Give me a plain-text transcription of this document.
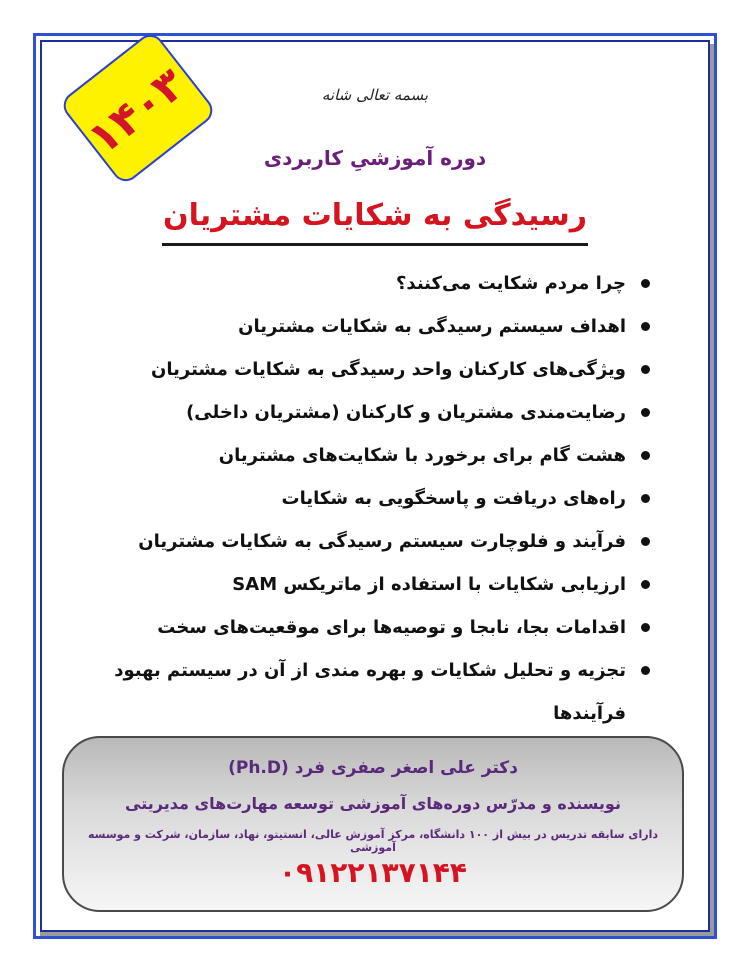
۱۴۰۳	بسمه تعالی شانه
دوره آموزشیِ کاربردی
رسیدگی به شکایات مشتریان
چرا مردم شکایت می‌کنند؟
اهداف سیستم رسیدگی به شکایات مشتریان
ویژگی‌های کارکنان واحد رسیدگی به شکایات مشتریان
رضایت‌مندی مشتریان و کارکنان (مشتریان داخلی)
هشت گام برای برخورد با شکایت‌های مشتریان
راه‌های دریافت و پاسخگویی به شکایات
فرآیند و فلوچارت سیستم رسیدگی به شکایات مشتریان
ارزیابی شکایات با استفاده از ماتریکس SAM
اقدامات بجا، نابجا و توصیه‌ها برای موقعیت‌های سخت
تجزیه و تحلیل شکایات و بهره مندی از آن در سیستم بهبود فرآیندها
دکتر علی اصغر صفری فرد (Ph.D)
نویسنده و مدرّس دوره‌های آموزشی توسعه مهارت‌های مدیریتی
دارای سابقه تدریس در بیش از ۱۰۰ دانشگاه، مرکز آموزش عالی، انستیتو، نهاد، سازمان، شرکت و موسسه آموزشی
۰۹۱۲۲۱۳۷۱۴۴
